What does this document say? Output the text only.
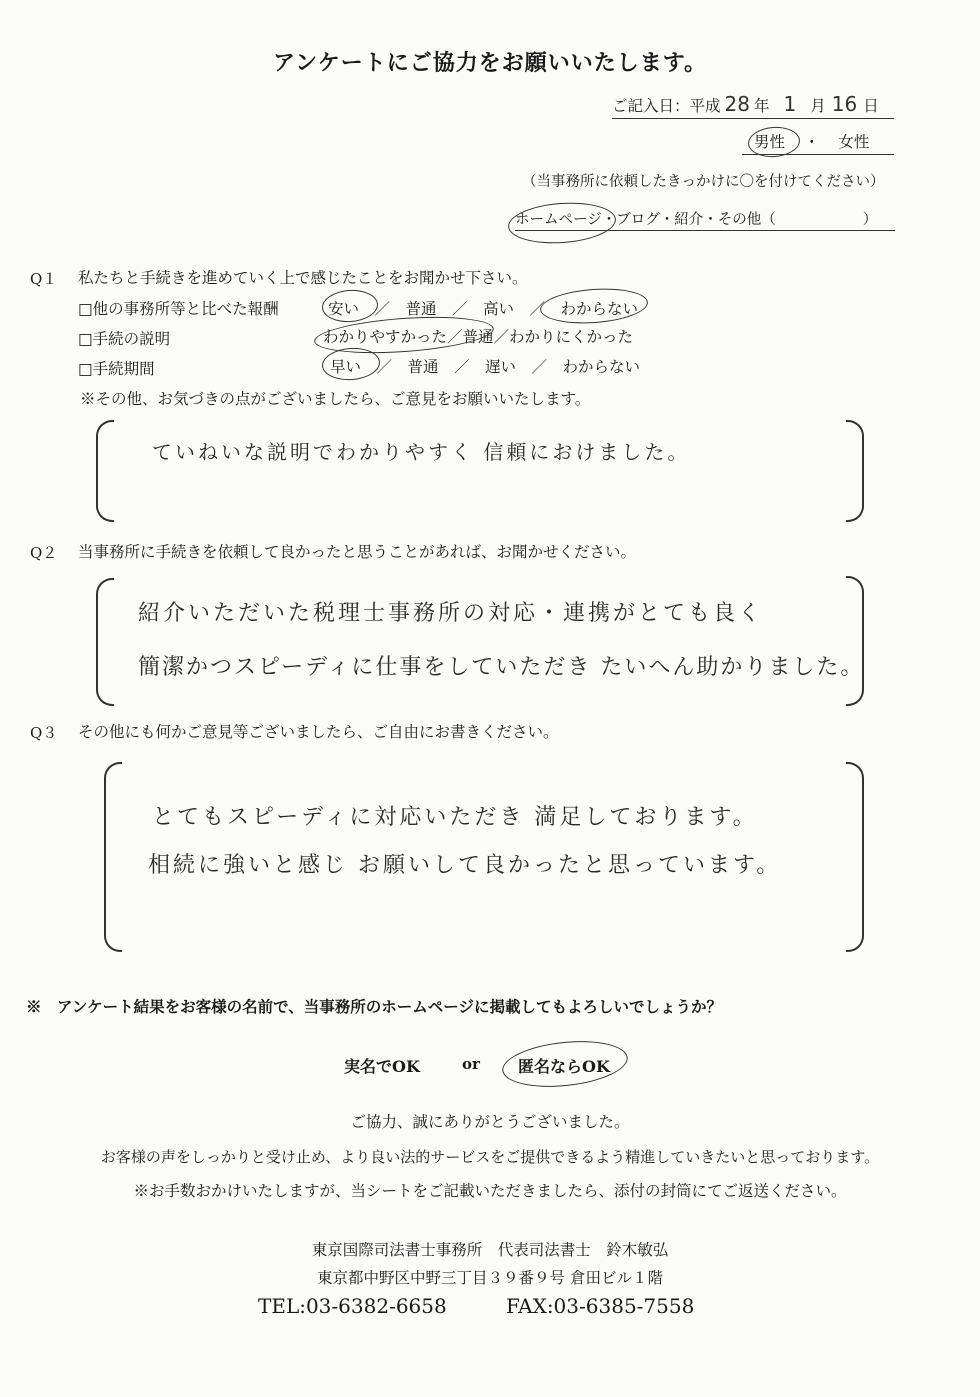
アンケートにご協力をお願いいたします。
ご記入日：平成 28 年 1 月 16 日
男性 ・ 女性
（当事務所に依頼したきっかけに〇を付けてください）
ホームページ・ブログ・紹介・その他（　　　　　　）
Q１ 私たちと手続きを進めていく上で感じたことをお聞かせ下さい。
□他の事務所等と比べた報酬	安い　／　普通　／　高い　／　わからない
□手続の説明	わかりやすかった／普通／わかりにくかった
□手続期間	早い　／　普通　／　遅い　／　わからない
※その他、お気づきの点がございましたら、ご意見をお願いいたします。
ていねいな説明でわかりやすく 信頼におけました。
Q２ 当事務所に手続きを依頼して良かったと思うことがあれば、お聞かせください。
紹介いただいた税理士事務所の対応・連携がとても良く
簡潔かつスピーディに仕事をしていただき たいへん助かりました。
Q３ その他にも何かご意見等ございましたら、ご自由にお書きください。
とてもスピーディに対応いただき 満足しております。
相続に強いと感じ お願いして良かったと思っています。
※　アンケート結果をお客様の名前で、当事務所のホームページに掲載してもよろしいでしょうか？
実名でOK	or 匿名ならOK
ご協力、誠にありがとうございました。
お客様の声をしっかりと受け止め、より良い法的サービスをご提供できるよう精進していきたいと思っております。
※お手数おかけいたしますが、当シートをご記載いただきましたら、添付の封筒にてご返送ください。
東京国際司法書士事務所　代表司法書士　鈴木敏弘
東京都中野区中野三丁目３９番９号 倉田ビル１階
TEL:03-6382-6658	FAX:03-6385-7558
